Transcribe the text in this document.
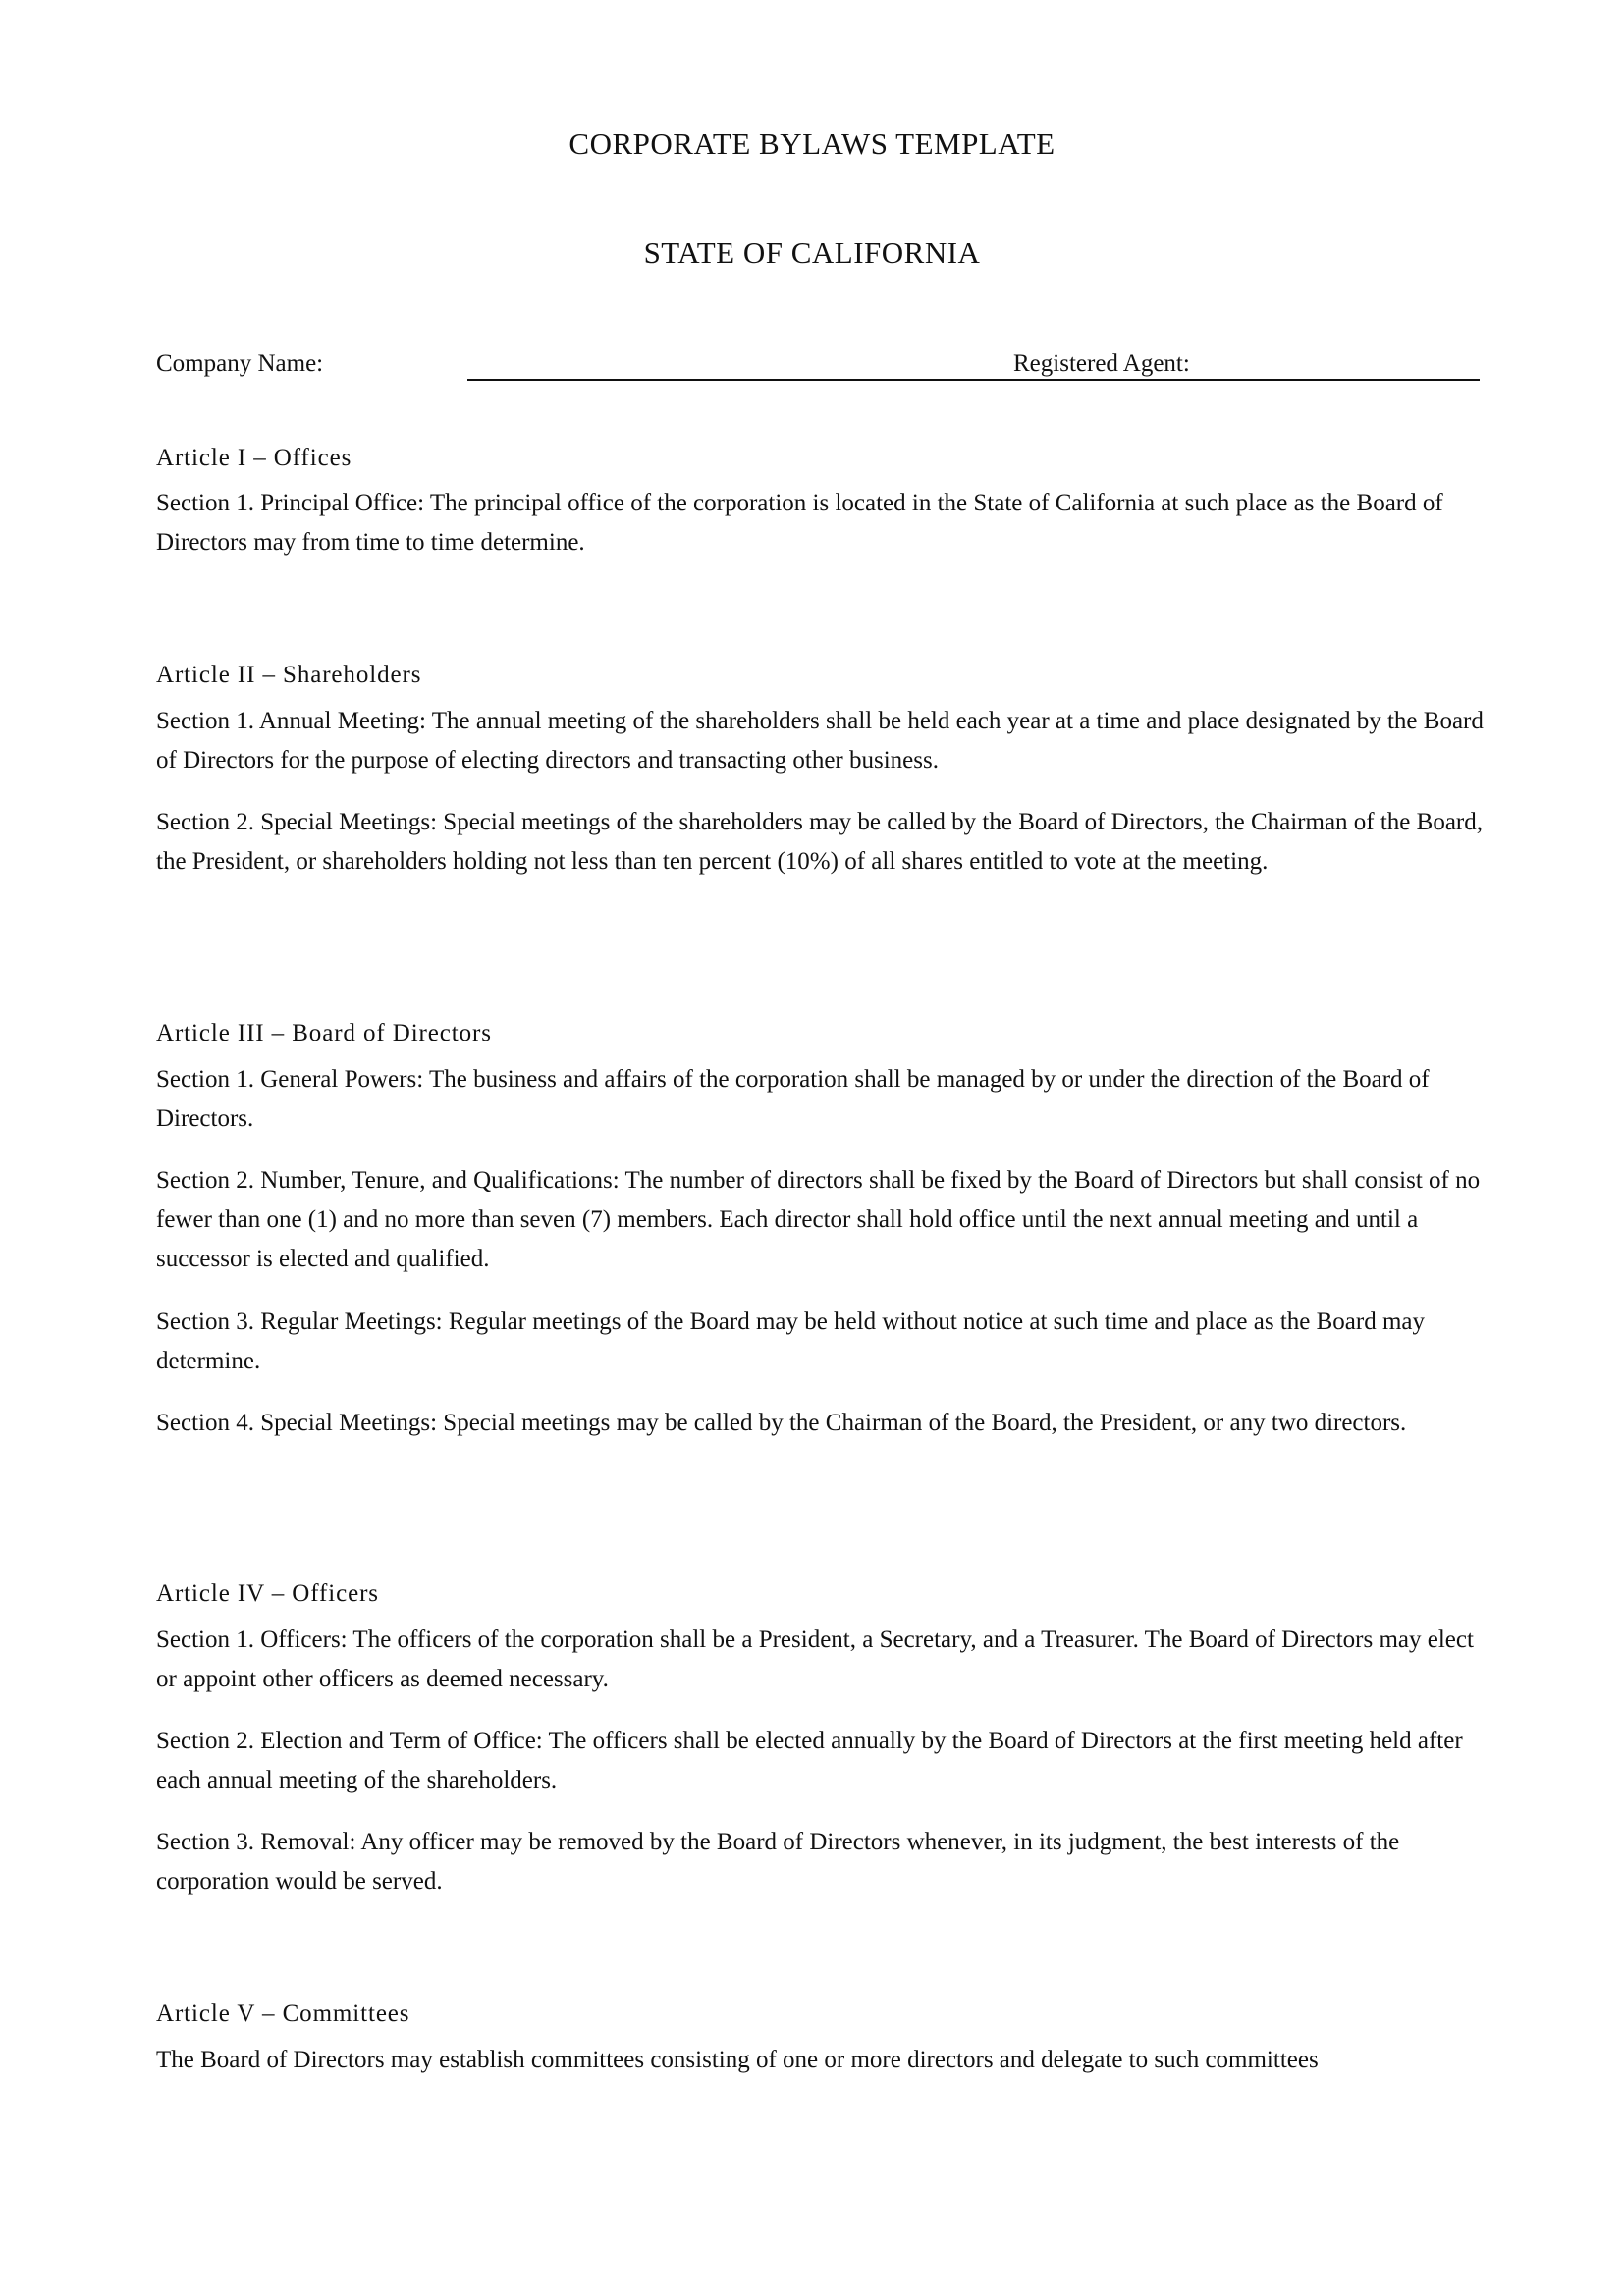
CORPORATE BYLAWS TEMPLATE
STATE OF CALIFORNIA
Company Name:	Registered Agent:
Article I – Offices

Section 1. Principal Office: The principal office of the corporation is located in the State of California at such place as the Board of Directors may from time to time determine.

Article II – Shareholders

Section 1. Annual Meeting: The annual meeting of the shareholders shall be held each year at a time and place designated by the Board of Directors for the purpose of electing directors and transacting other business.

Section 2. Special Meetings: Special meetings of the shareholders may be called by the Board of Directors, the Chairman of the Board, the President, or shareholders holding not less than ten percent (10%) of all shares entitled to vote at the meeting.

Article III – Board of Directors

Section 1. General Powers: The business and affairs of the corporation shall be managed by or under the direction of the Board of Directors.

Section 2. Number, Tenure, and Qualifications: The number of directors shall be fixed by the Board of Directors but shall consist of no fewer than one (1) and no more than seven (7) members. Each director shall hold office until the next annual meeting and until a successor is elected and qualified.

Section 3. Regular Meetings: Regular meetings of the Board may be held without notice at such time and place as the Board may determine.

Section 4. Special Meetings: Special meetings may be called by the Chairman of the Board, the President, or any two directors.

Article IV – Officers

Section 1. Officers: The officers of the corporation shall be a President, a Secretary, and a Treasurer. The Board of Directors may elect or appoint other officers as deemed necessary.

Section 2. Election and Term of Office: The officers shall be elected annually by the Board of Directors at the first meeting held after each annual meeting of the shareholders.

Section 3. Removal: Any officer may be removed by the Board of Directors whenever, in its judgment, the best interests of the corporation would be served.

Article V – Committees

The Board of Directors may establish committees consisting of one or more directors and delegate to such committees
